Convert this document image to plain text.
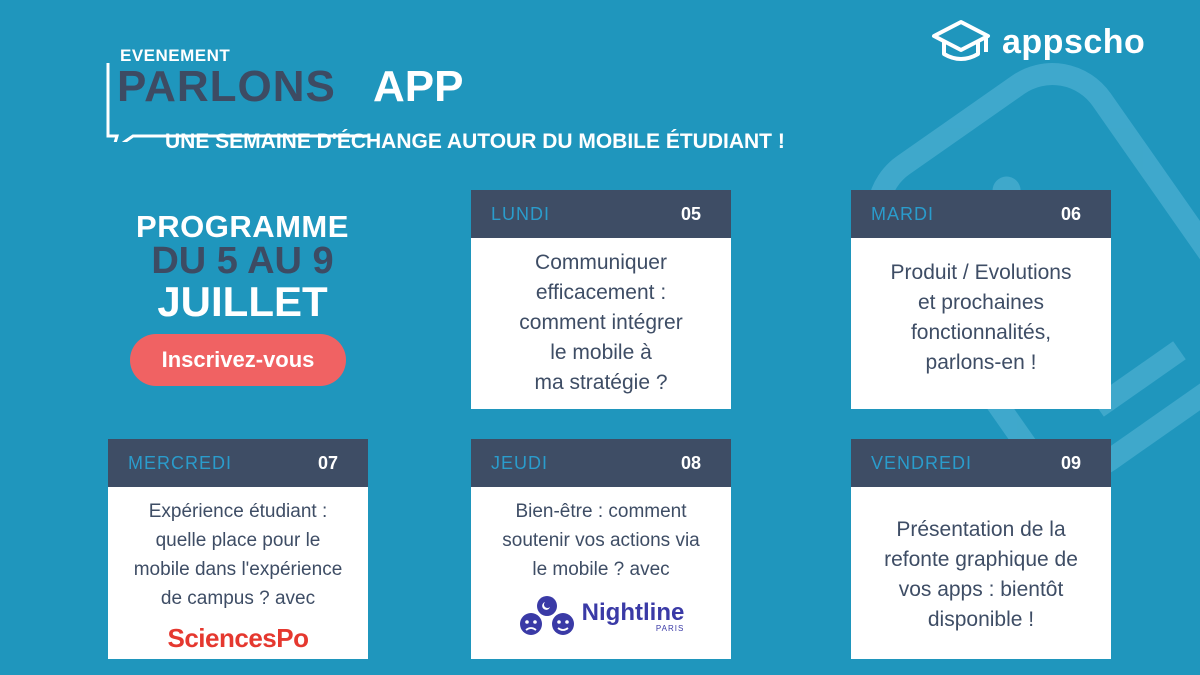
appscho
EVENEMENT
PARLONS APP
UNE SEMAINE D'ÉCHANGE AUTOUR DU MOBILE ÉTUDIANT !
PROGRAMME
DU 5 AU 9
JUILLET
Inscrivez-vous
LUNDI	05
Communiquer
efficacement :
comment intégrer
le mobile à
ma stratégie ?
MARDI	06
Produit / Evolutions
et prochaines
fonctionnalités,
parlons-en !
MERCREDI	07
Expérience étudiant :
quelle place pour le
mobile dans l'expérience
de campus ? avec
SciencesPo
JEUDI	08
Bien-être : comment
soutenir vos actions via
le mobile ? avec
Nightline
PARIS
VENDREDI	09
Présentation de la
refonte graphique de
vos apps : bientôt
disponible !
